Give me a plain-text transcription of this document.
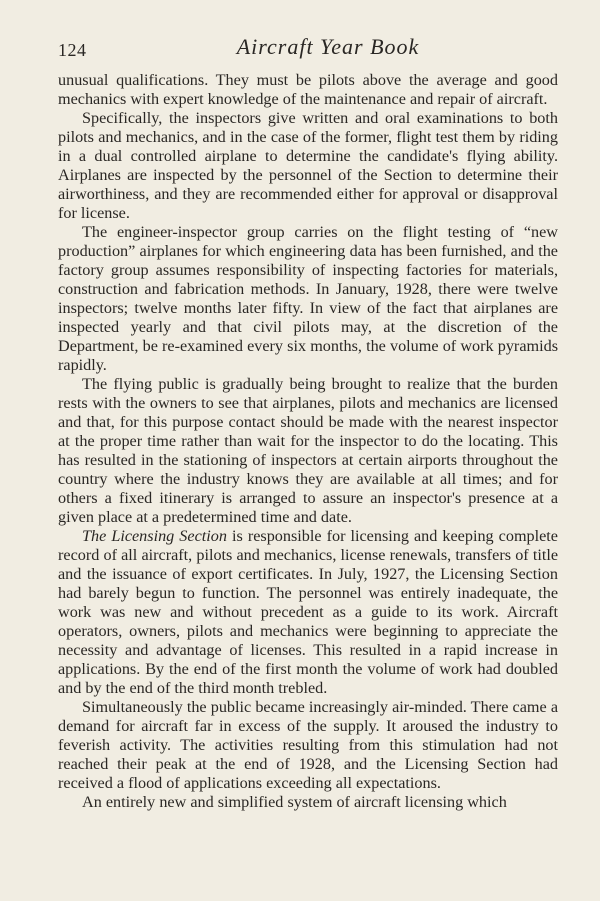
124	Aircraft Year Book

unusual qualifications. They must be pilots above the average and good mechanics with expert knowledge of the maintenance and repair of aircraft.

Specifically, the inspectors give written and oral examinations to both pilots and mechanics, and in the case of the former, flight test them by riding in a dual controlled airplane to determine the candidate's flying ability. Airplanes are inspected by the personnel of the Section to determine their airworthiness, and they are recommended either for approval or disapproval for license.

The engineer-inspector group carries on the flight testing of “new production” airplanes for which engineering data has been furnished, and the factory group assumes responsibility of inspecting factories for materials, construction and fabrication methods. In January, 1928, there were twelve inspectors; twelve months later fifty. In view of the fact that airplanes are inspected yearly and that civil pilots may, at the discretion of the Department, be re-examined every six months, the volume of work pyramids rapidly.

The flying public is gradually being brought to realize that the burden rests with the owners to see that airplanes, pilots and mechanics are licensed and that, for this purpose contact should be made with the nearest inspector at the proper time rather than wait for the inspector to do the locating. This has resulted in the stationing of inspectors at certain airports throughout the country where the industry knows they are available at all times; and for others a fixed itinerary is arranged to assure an inspector's presence at a given place at a predetermined time and date.

The Licensing Section is responsible for licensing and keeping complete record of all aircraft, pilots and mechanics, license renewals, transfers of title and the issuance of export certificates. In July, 1927, the Licensing Section had barely begun to function. The personnel was entirely inadequate, the work was new and without precedent as a guide to its work. Aircraft operators, owners, pilots and mechanics were beginning to appreciate the necessity and advantage of licenses. This resulted in a rapid increase in applications. By the end of the first month the volume of work had doubled and by the end of the third month trebled.

Simultaneously the public became increasingly air-minded. There came a demand for aircraft far in excess of the supply. It aroused the industry to feverish activity. The activities resulting from this stimulation had not reached their peak at the end of 1928, and the Licensing Section had received a flood of applications exceeding all expectations.

An entirely new and simplified system of aircraft licensing which
